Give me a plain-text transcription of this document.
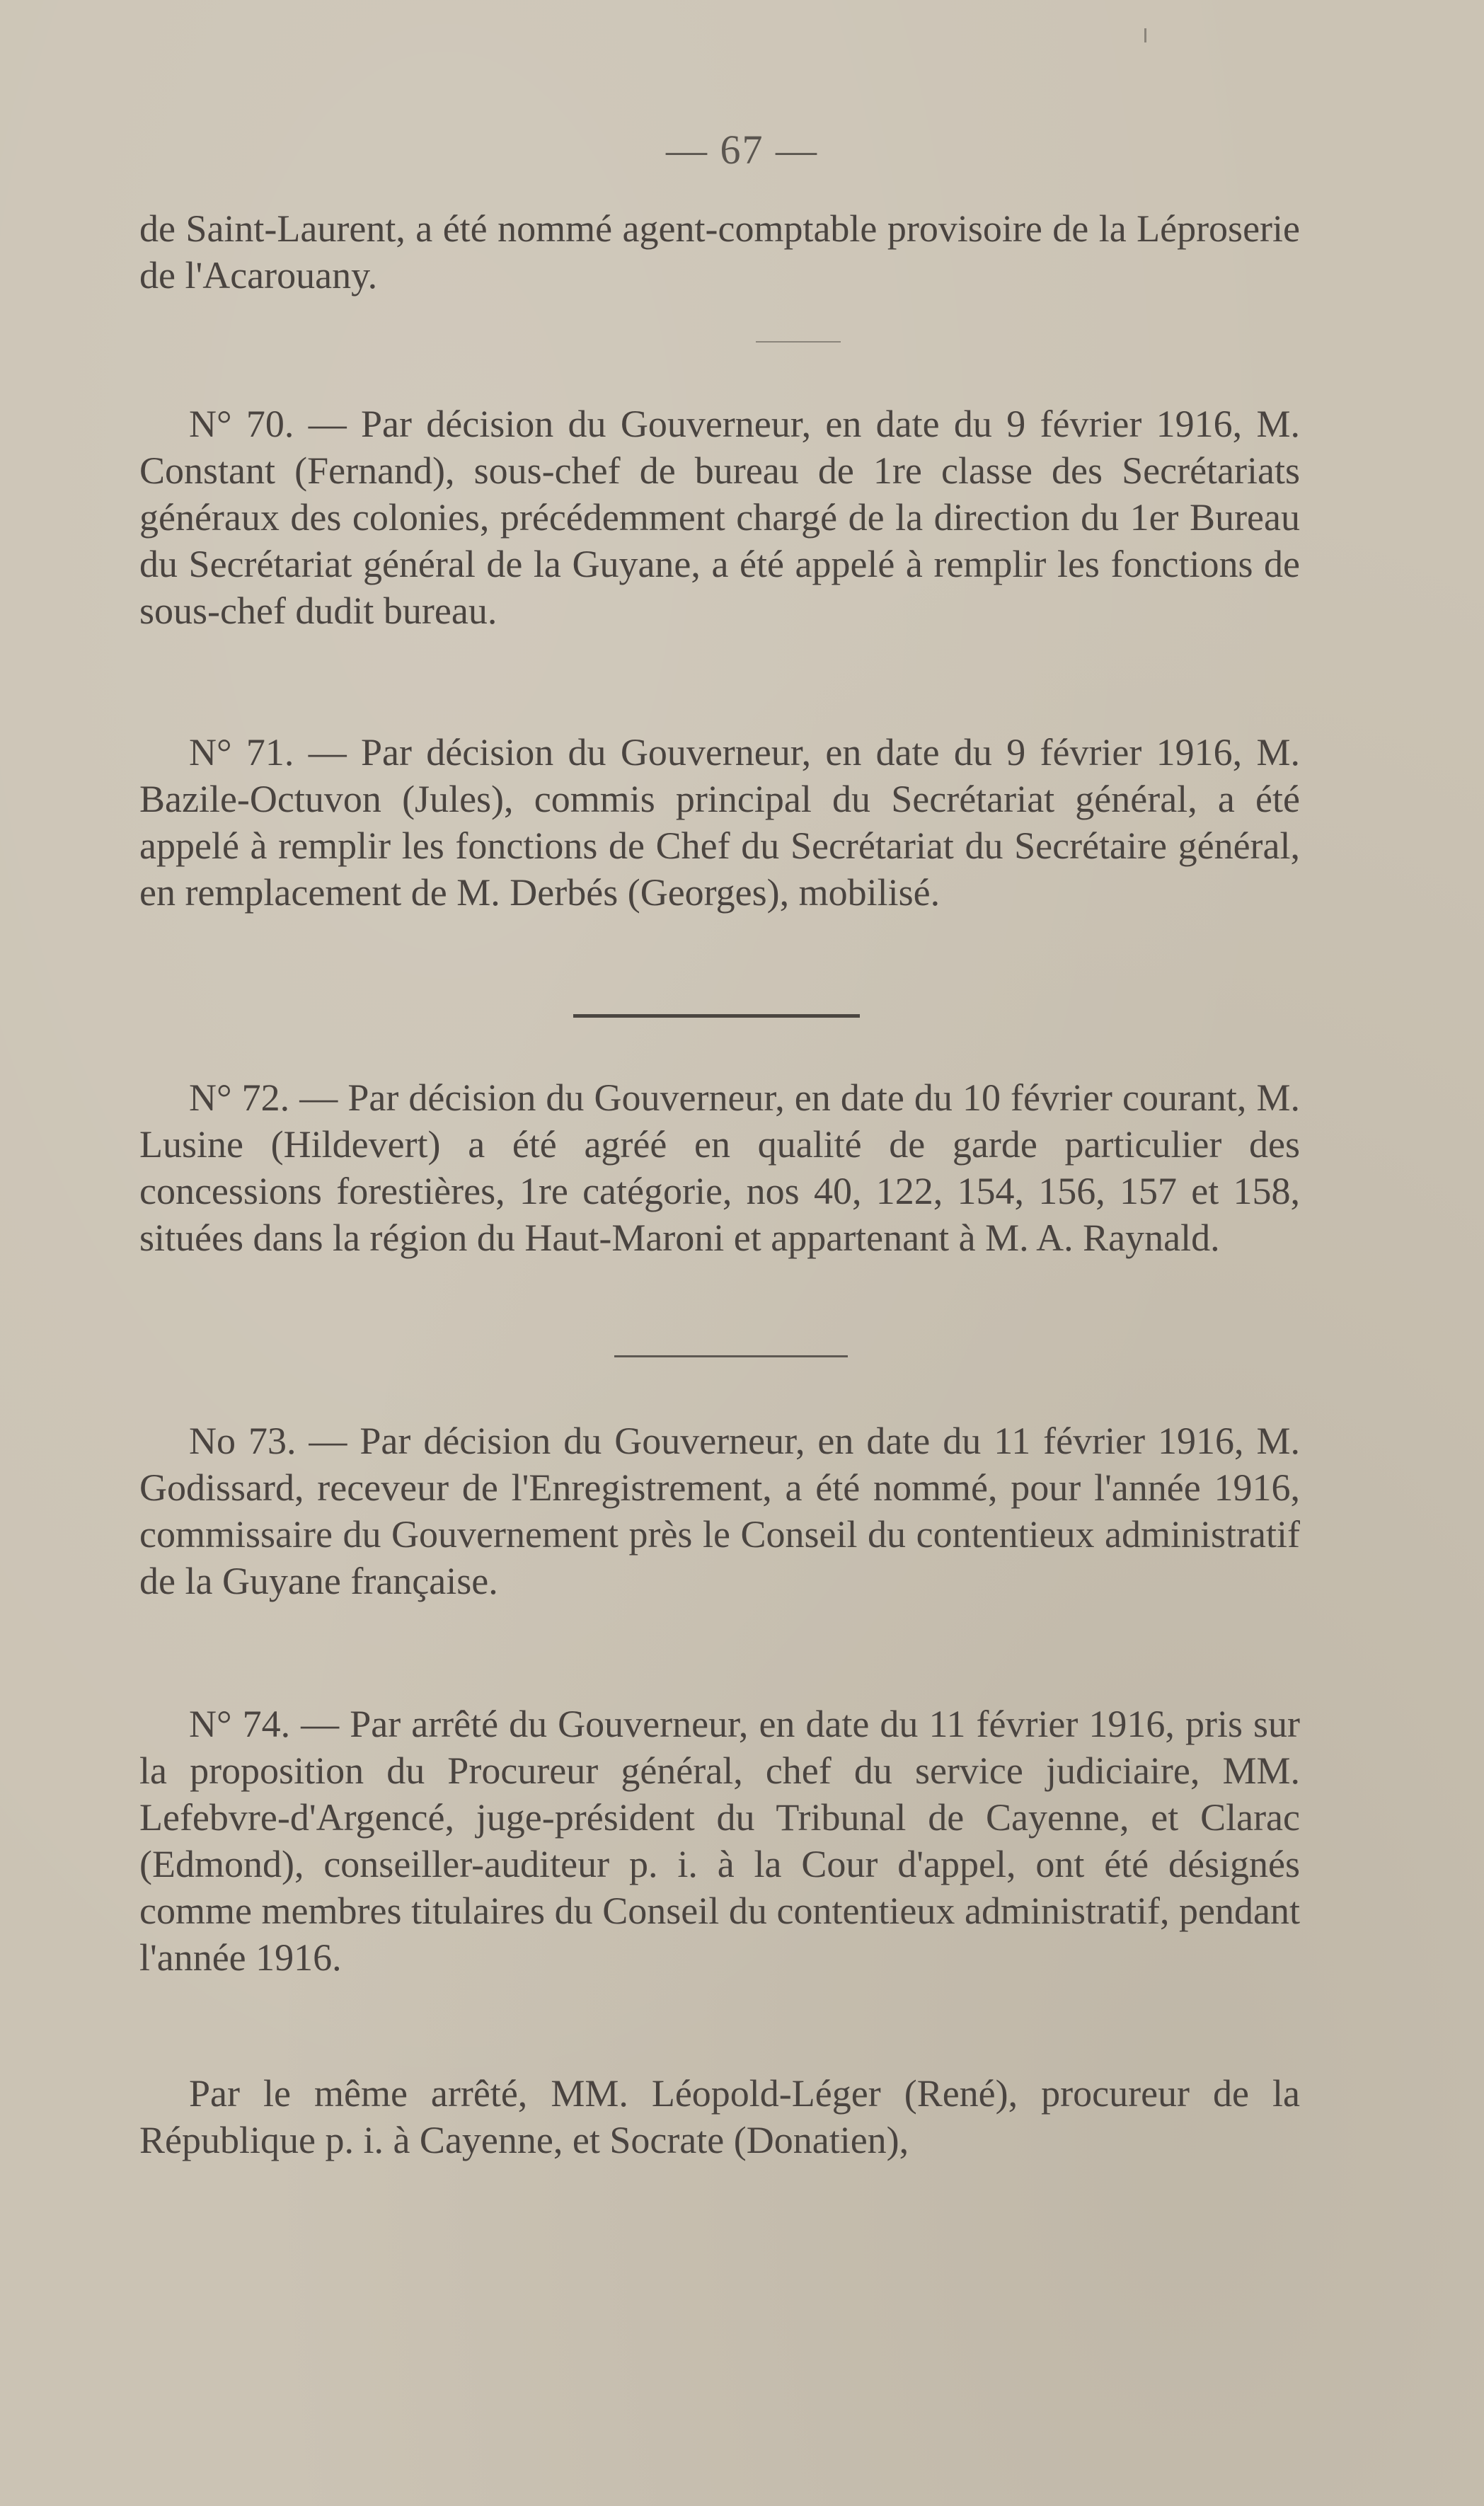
— 67 —

de Saint-Laurent, a été nommé agent-comptable provisoire de la Léproserie de l'Acarouany.

N° 70. — Par décision du Gouverneur, en date du 9 février 1916, M. Constant (Fernand), sous-chef de bureau de 1re classe des Secrétariats généraux des colonies, précédemment chargé de la direction du 1er Bureau du Secrétariat général de la Guyane, a été appelé à remplir les fonctions de sous-chef dudit bureau.

N° 71. — Par décision du Gouverneur, en date du 9 février 1916, M. Bazile-Octuvon (Jules), commis principal du Secrétariat général, a été appelé à remplir les fonctions de Chef du Secrétariat du Secrétaire général, en remplacement de M. Derbés (Georges), mobilisé.

N° 72. — Par décision du Gouverneur, en date du 10 février courant, M. Lusine (Hildevert) a été agréé en qualité de garde particulier des concessions forestières, 1re catégorie, nos 40, 122, 154, 156, 157 et 158, situées dans la région du Haut-Maroni et appartenant à M. A. Raynald.

No 73. — Par décision du Gouverneur, en date du 11 février 1916, M. Godissard, receveur de l'Enregistrement, a été nommé, pour l'année 1916, commissaire du Gouvernement près le Conseil du contentieux administratif de la Guyane française.

N° 74. — Par arrêté du Gouverneur, en date du 11 février 1916, pris sur la proposition du Procureur général, chef du service judiciaire, MM. Lefebvre-d'Argencé, juge-président du Tribunal de Cayenne, et Clarac (Edmond), conseiller-auditeur p. i. à la Cour d'appel, ont été désignés comme membres titulaires du Conseil du contentieux administratif, pendant l'année 1916.

Par le même arrêté, MM. Léopold-Léger (René), procureur de la République p. i. à Cayenne, et Socrate (Donatien),
